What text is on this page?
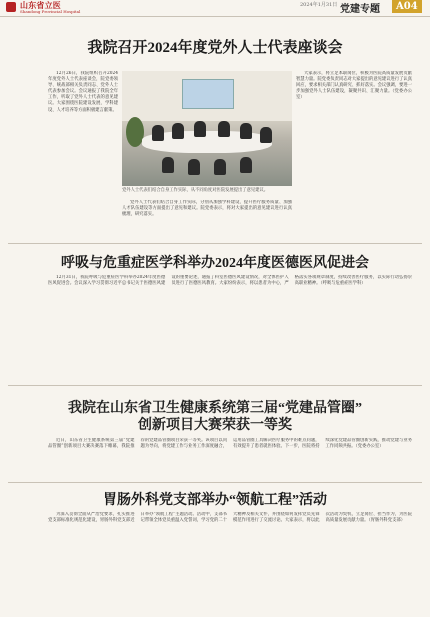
山东省立医
Shandong Provincial Hospital
2024年1月31日 党建专题	A04
我院召开2024年度党外人士代表座谈会

12月26日，我院组织召开2024年度党外人士代表座谈会，院党委领导、统战部相关负责同志、党外人士代表参加会议。会议通报了我院全年工作，听取了党外人士代表的意见建议。大家围绕医院建设发展、学科建设、人才培养等方面积极建言献策。

党外人士代表们结合自身工作实际，从不同角度对医院发展提出了意见建议。

大家表示，将立足本职岗位，积极为医院高质量发展贡献智慧力量。院党委负责同志对大家提出的意见建议进行了认真回应，要求相关部门认真研究、抓好落实。会议强调，要进一步加强党外人士队伍建设，凝聚共识、汇聚力量。（党委办公室）

党外人士代表们结合自身工作实际，分别从加强学科建设、提升医疗服务质量、加强人才队伍建设等方面提出了意见和建议。院党委表示，将对大家提出的意见建议进行认真梳理，研究落实。

呼吸与危重症医学科举办2024年度医德医风促进会

12月31日，我院呼吸与危重症医学科举办2024年度医德医风促进会。会议深入学习贯彻习近平总书记关于医德医风建设的重要论述，通报了科室医德医风建设情况，对全体医护人员进行了医德医风教育。大家纷纷表示，将以患者为中心，严格落实各项规章制度，持续改善医疗服务，以实际行动弘扬崇高职业精神。（呼吸与危重症医学科）

我院在山东省卫生健康系统第三届“党建品管圈”
创新项目大赛荣获一等奖

近日，山东省卫生健康系统第三届“党建品管圈”创新项目大赛决赛落下帷幕，我院推荐的党建品管圈项目荣获一等奖。该项目以问题为导向，将党建工作与业务工作深度融合，运用品管圈工具解决医疗服务中的难点问题，有效提升了患者就医体验。下一步，医院将持续深化党建品管圈创新实践，推动党建与业务工作同频共振。（党委办公室）

胃肠外科党支部举办“领航工程”活动

为深入贯彻全面从严治党要求，扎实推进党支部标准化规范化建设，胃肠外科党支部近日举办“领航工程”主题活动。活动中，支部书记带领全体党员重温入党誓词，学习党的二十大精神及相关文件，并围绕如何发挥党员先锋模范作用进行了交流讨论。大家表示，将以此次活动为契机，立足岗位、担当作为，为医院高质量发展贡献力量。（胃肠外科党支部）
